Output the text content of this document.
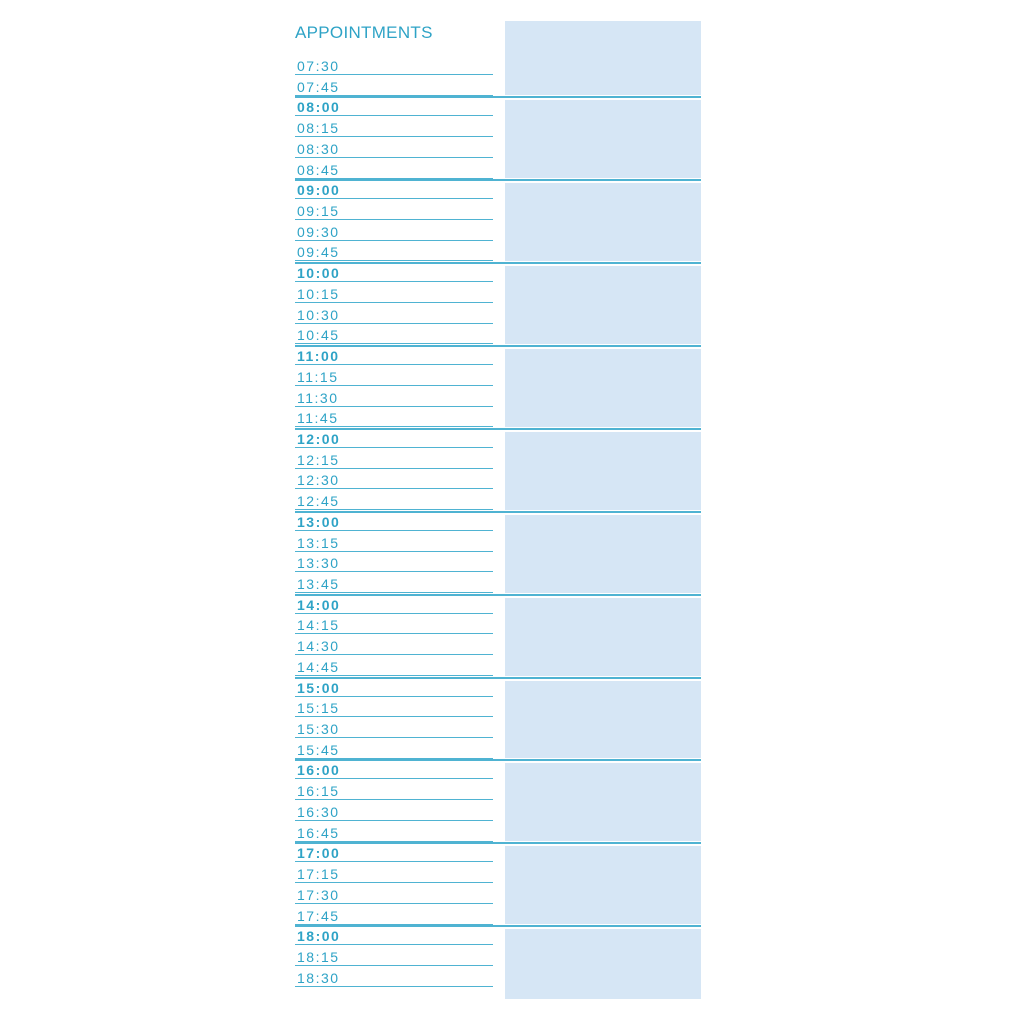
APPOINTMENTS
07:30
07:45
08:00
08:15
08:30
08:45
09:00
09:15
09:30
09:45
10:00
10:15
10:30
10:45
11:00
11:15
11:30
11:45
12:00
12:15
12:30
12:45
13:00
13:15
13:30
13:45
14:00
14:15
14:30
14:45
15:00
15:15
15:30
15:45
16:00
16:15
16:30
16:45
17:00
17:15
17:30
17:45
18:00
18:15
18:30
